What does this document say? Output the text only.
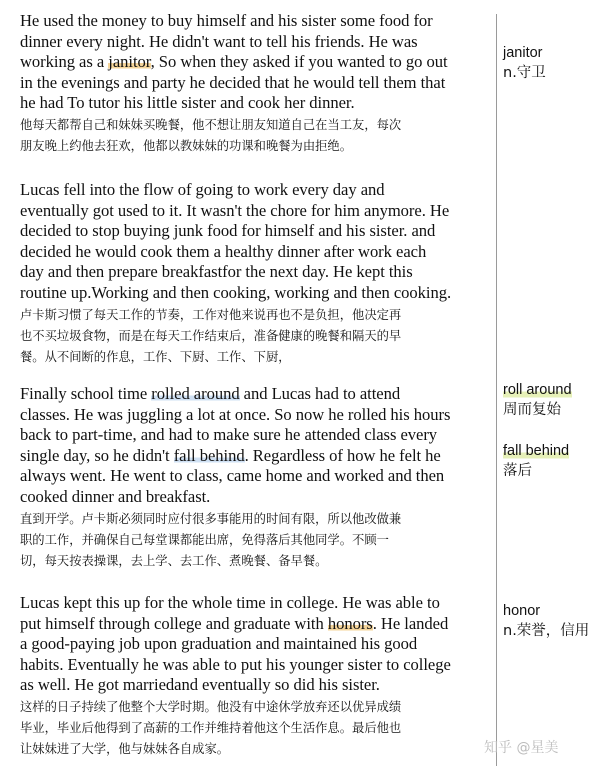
He used the money to buy himself and his sister some food for
dinner every night. He didn't want to tell his friends. He was
working as a janitor, So when they asked if you wanted to go out
in the evenings and party he decided that he would tell them that
he had To tutor his little sister and cook her dinner.
他每天都帮自己和妹妹买晚餐，他不想让朋友知道自己在当工友，每次
朋友晚上约他去狂欢，他都以教妹妹的功课和晚餐为由拒绝。
Lucas fell into the flow of going to work every day and
eventually got used to it. It wasn't the chore for him anymore. He
decided to stop buying junk food for himself and his sister. and
decided he would cook them a healthy dinner after work each
day and then prepare breakfastfor the next day. He kept this
routine up.Working and then cooking, working and then cooking.
卢卡斯习惯了每天工作的节奏，工作对他来说再也不是负担，他决定再
也不买垃圾食物，而是在每天工作结束后，准备健康的晚餐和隔天的早
餐。从不间断的作息，工作、下厨、工作、下厨，
Finally school time rolled around and Lucas had to attend
classes. He was juggling a lot at once. So now he rolled his hours
back to part-time, and had to make sure he attended class every
single day, so he didn't fall behind. Regardless of how he felt he
always went. He went to class, came home and worked and then
cooked dinner and breakfast.
直到开学。卢卡斯必须同时应付很多事能用的时间有限，所以他改做兼
职的工作，并确保自己每堂课都能出席，免得落后其他同学。不顾一
切，每天按表操课，去上学、去工作、煮晚餐、备早餐。
Lucas kept this up for the whole time in college. He was able to
put himself through college and graduate with honors. He landed
a good-paying job upon graduation and maintained his good
habits. Eventually he was able to put his younger sister to college
as well. He got marriedand eventually so did his sister.
这样的日子持续了他整个大学时期。他没有中途休学放弃还以优异成绩
毕业，毕业后他得到了高薪的工作并维持着他这个生活作息。最后他也
让妹妹进了大学，他与妹妹各自成家。
janitor
n.守卫
roll around
周而复始
fall behind
落后
honor
n.荣誉，信用
知乎 @星美
